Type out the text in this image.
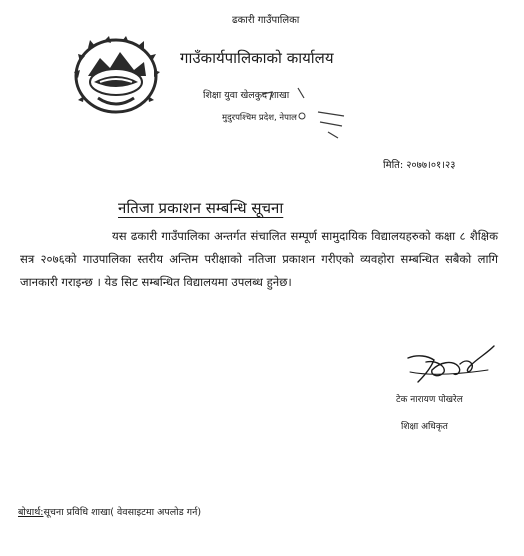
ढकारी गाउँपालिका
गाउँकार्यपालिकाको कार्यालय
शिक्षा युवा खेलकुद शाखा
मुदुरपश्चिम प्रदेश, नेपाल
मिति: २०७७।०१।२३
नतिजा प्रकाशन सम्बन्धि सूचना
यस ढकारी गाउँपालिका अन्तर्गत संचालित सम्पूर्ण सामुदायिक विद्यालयहरुको कक्षा ८ शैक्षिक सत्र २०७६को गाउपालिका स्तरीय अन्तिम परीक्षाको नतिजा प्रकाशन गरीएको व्यवहोरा सम्बन्धित सबैको लागि जानकारी गराइन्छ । येड सिट सम्बन्धित विद्यालयमा उपलब्ध हुनेछ।
टेक नारायण पोखरेल
शिक्षा अधिकृत
बोधार्थ:सूचना प्रविधि शाखा( वेवसाइटमा अपलोड गर्न)
